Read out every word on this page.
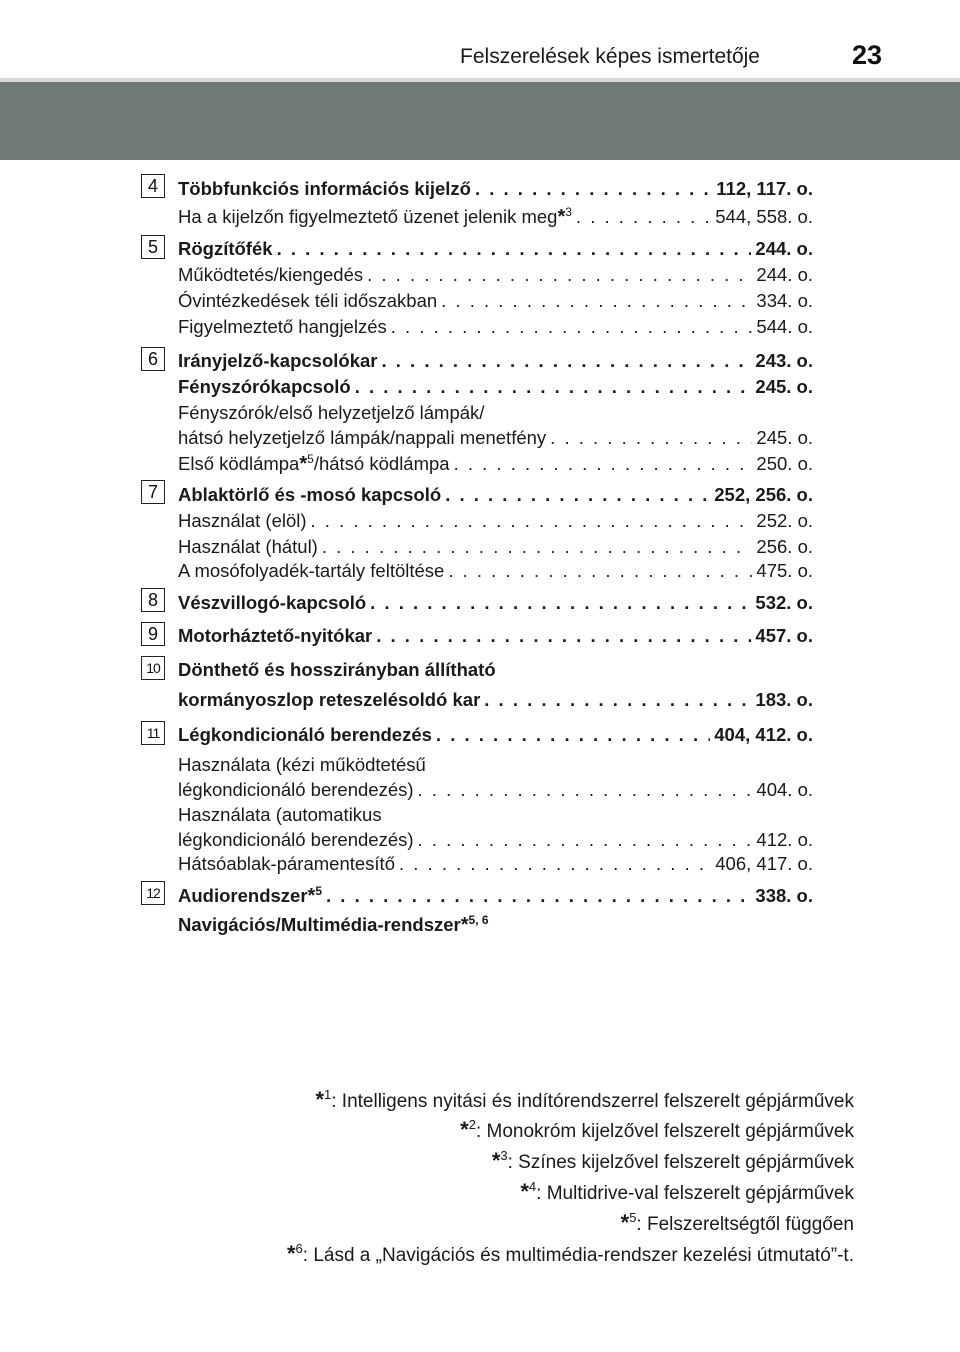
Felszerelések képes ismertetője	23
4	Többfunkciós információs kijelző . . .	112, 117. o.
Ha a kijelzőn figyelmeztető üzenet jelenik meg*$^3$ . . .	544, 558. o.
5	Rögzítőfék . . .	244. o.
Működtetés/kiengedés . . .	244. o.
Óvintézkedések téli időszakban . . .	334. o.
Figyelmeztető hangjelzés . . .	544. o.
6	Irányjelző-kapcsolókar . . .	243. o.
Fényszórókapcsoló . . .	245. o.
Fényszórók/első helyzetjelző lámpák/
hátsó helyzetjelző lámpák/nappali menetfény . . .	245. o.
Első ködlámpa*$^5$/hátsó ködlámpa . . .	250. o.
7	Ablaktörlő és -mosó kapcsoló . . .	252, 256. o.
Használat (elöl) . . .	252. o.
Használat (hátul) . . .	256. o.
A mosófolyadék-tartály feltöltése . . .	475. o.
8	Vészvillogó-kapcsoló . . .	532. o.
9	Motorháztető-nyitókar . . .	457. o.
10 Dönthető és hosszirányban állítható
kormányoszlop reteszelésoldó kar . . .	183. o.
11	Légkondicionáló berendezés . . .	404, 412. o.
Használata (kézi működtetésű
légkondicionáló berendezés) . . .	404. o.
Használata (automatikus
légkondicionáló berendezés) . . .	412. o.
Hátsóablak-páramentesítő . . .	406, 417. o.
12 Audiorendszer*$^5$ . . .	338. o.
Navigációs/Multimédia-rendszer*$^{5, 6}$
*$^1$: Intelligens nyitási és indítórendszerrel felszerelt gépjárművek
*$^2$: Monokróm kijelzővel felszerelt gépjárművek
*$^3$: Színes kijelzővel felszerelt gépjárművek
*$^4$: Multidrive-val felszerelt gépjárművek
*$^5$: Felszereltségtől függően
*$^6$: Lásd a „Navigációs és multimédia-rendszer kezelési útmutató”-t.
